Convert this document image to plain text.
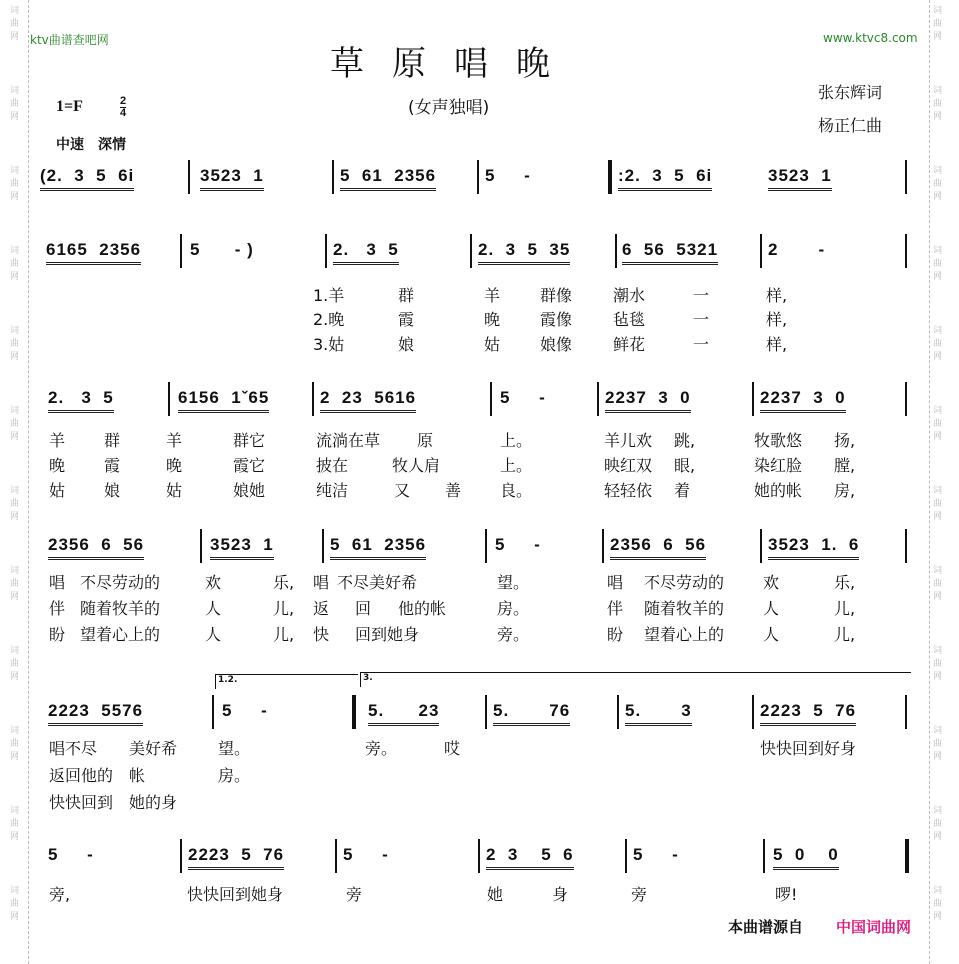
ktv曲谱查吧网	www.ktvc8.com
草原唱晚
(女声独唱)
张东辉词
杨正仁曲
1=F	$\frac{2}{4}$
中速　深情
词
曲
网
词
曲
网
词
曲
网
词
曲
网
词
曲
网
词
曲
网
词
曲
网
词
曲
网
词
曲
网
词
曲
网
词
曲
网
词
曲
网
词
曲
网
词
曲
网
词
曲
网
词
曲
网
词
曲
网
词
曲
网
词
曲
网
词
曲
网
词
曲
网
词
曲
网
词
曲
网
词
曲
网
(2.  3  5  6i	3523  1	5  61  2356	5     -	:2.  3  5  6i	3523  1
6165  2356	5      - )	2.   3  5	2.  3  5  35	6  56  5321	2       -
1.羊	群	羊 群像	潮水	一	样,
2.晚	霞	晚 霞像	毡毯	一	样,
3.姑	娘	姑 娘像	鲜花	一	样,
2.   3  5	6156  1ˇ65	2  23  5616	5     -	2237  3  0	2237  3  0
羊 群	羊	群它	流淌在草 原	上。	羊儿欢 跳,	牧歌悠 扬,
晚 霞	晚	霞它	披在	牧人肩	上。	映红双 眼,	染红脸 膛,
姑 娘	姑	娘她	纯洁	又 善 良。	轻轻依 着	她的帐 房,
2356  6  56	3523  1	5  61  2356	5     -	2356  6  56	3523  1.  6
唱 不尽劳动的	欢	乐, 唱 不尽美好希	望。	唱 不尽劳动的 欢	乐,
伴 随着牧羊的	人	儿, 返 回 他的帐	房。	伴 随着牧羊的 人	儿,
盼 望着心上的	人	儿, 快 回到她身	旁。	盼 望着心上的 人	儿,
2223  5576	5     -	5.      23	5.       76	5.       3	2223  5  76
唱不尽 美好希	望。	旁。	哎	快快回到好身
返回他的 帐	房。
快快回到 她的身
5     -	2223  5  76	5     -	2  3    5  6	5     -	5  0    0
旁,	快快回到她身	旁	她	身	旁	啰!
1.2.	3.
本曲谱源自 中国词曲网
